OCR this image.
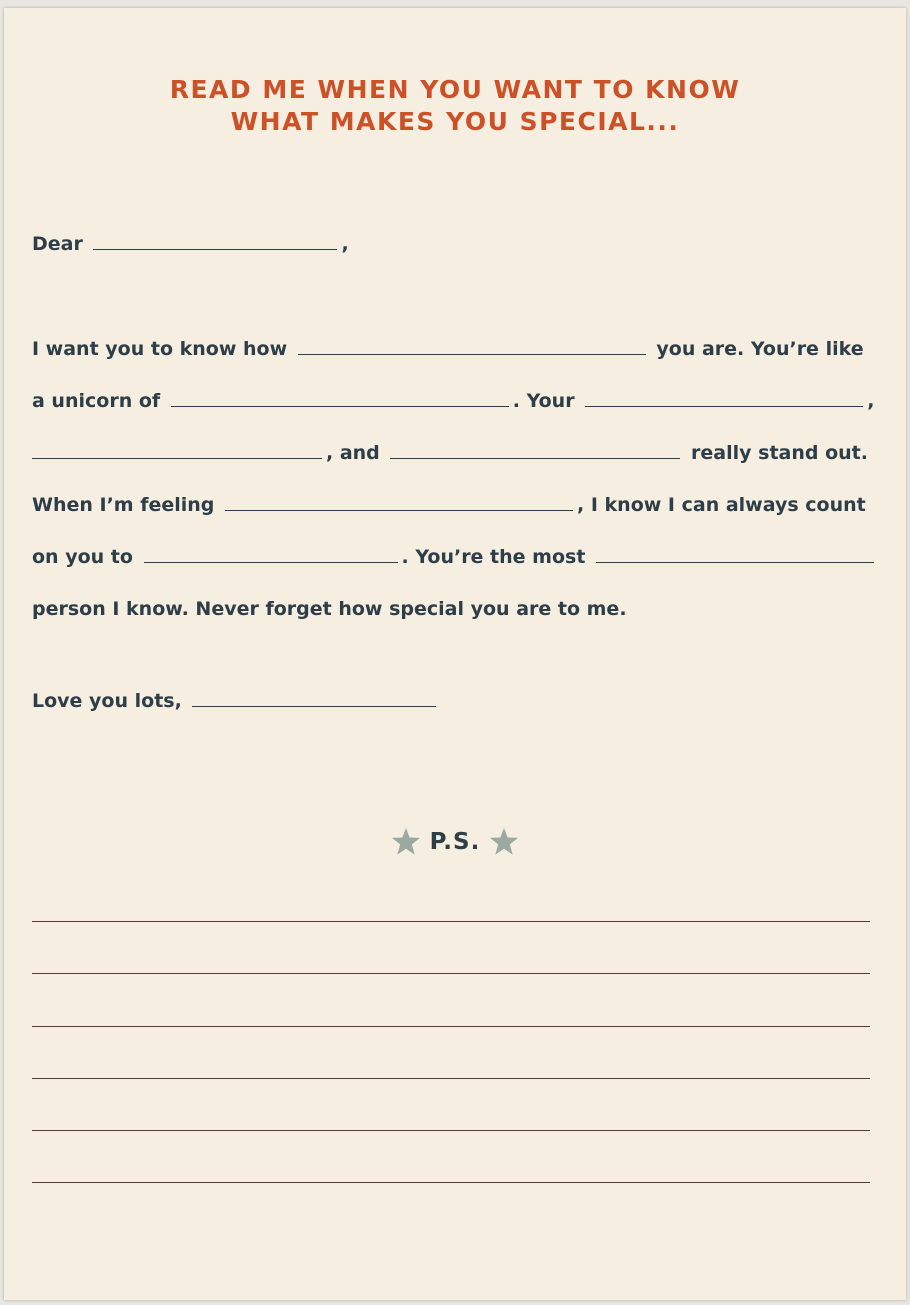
READ ME WHEN YOU WANT TO KNOW
WHAT MAKES YOU SPECIAL...
Dear	,
I want you to know how	you are. You’re like
a unicorn of	. Your	,
, and	really stand out.
When I’m feeling	, I know I can always count
on you to	. You’re the most
person I know. Never forget how special you are to me.
Love you lots,
P.S.
